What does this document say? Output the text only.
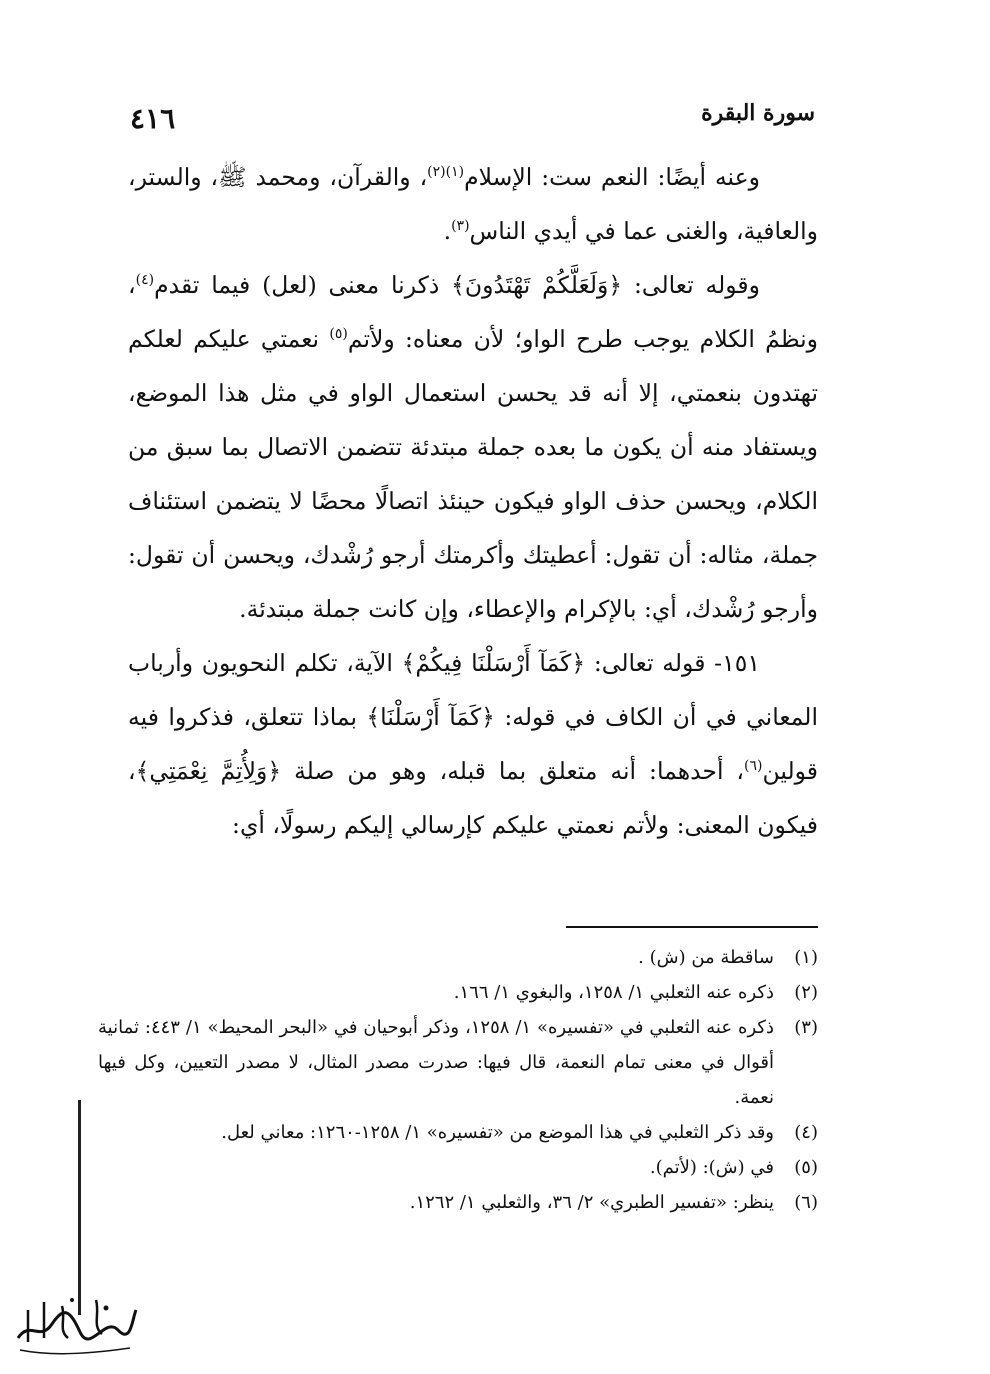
٤١٦	سورة البقرة

وعنه أيضًا: النعم ست: الإسلام$^{(١)(٢)}$، والقرآن، ومحمد ﷺ، والستر، والعافية، والغنى عما في أيدي الناس$^{(٣)}$.

وقوله تعالى: ﴿وَلَعَلَّكُمْ تَهْتَدُونَ﴾ ذكرنا معنى (لعل) فيما تقدم$^{(٤)}$، ونظمُ الكلام يوجب طرح الواو؛ لأن معناه: ولأتم$^{(٥)}$ نعمتي عليكم لعلكم تهتدون بنعمتي، إلا أنه قد يحسن استعمال الواو في مثل هذا الموضع، ويستفاد منه أن يكون ما بعده جملة مبتدئة تتضمن الاتصال بما سبق من الكلام، ويحسن حذف الواو فيكون حينئذ اتصالًا محضًا لا يتضمن استئناف جملة، مثاله: أن تقول: أعطيتك وأكرمتك أرجو رُشْدك، ويحسن أن تقول: وأرجو رُشْدك، أي: بالإكرام والإعطاء، وإن كانت جملة مبتدئة.

١٥١- قوله تعالى: ﴿كَمَآ أَرْسَلْنَا فِيكُمْ﴾ الآية، تكلم النحويون وأرباب المعاني في أن الكاف في قوله: ﴿كَمَآ أَرْسَلْنَا﴾ بماذا تتعلق، فذكروا فيه قولين$^{(٦)}$، أحدهما: أنه متعلق بما قبله، وهو من صلة ﴿وَلِأُتِمَّ نِعْمَتِي﴾، فيكون المعنى: ولأتم نعمتي عليكم كإرسالي إليكم رسولًا، أي:

(١)
ساقطة من (ش) .
(٢)
ذكره عنه الثعلبي ١/ ١٢٥٨، والبغوي ١/ ١٦٦.
(٣)
ذكره عنه الثعلبي في «تفسيره» ١/ ١٢٥٨، وذكر أبوحيان في «البحر المحيط» ١/ ٤٤٣: ثمانية أقوال في معنى تمام النعمة، قال فيها: صدرت مصدر المثال، لا مصدر التعيين، وكل فيها نعمة.
(٤)
وقد ذكر الثعلبي في هذا الموضع من «تفسيره» ١/ ١٢٥٨-١٢٦٠: معاني لعل.
(٥)
في (ش): (لأتم).
(٦)
ينظر: «تفسير الطبري» ٢/ ٣٦، والثعلبي ١/ ١٢٦٢.
